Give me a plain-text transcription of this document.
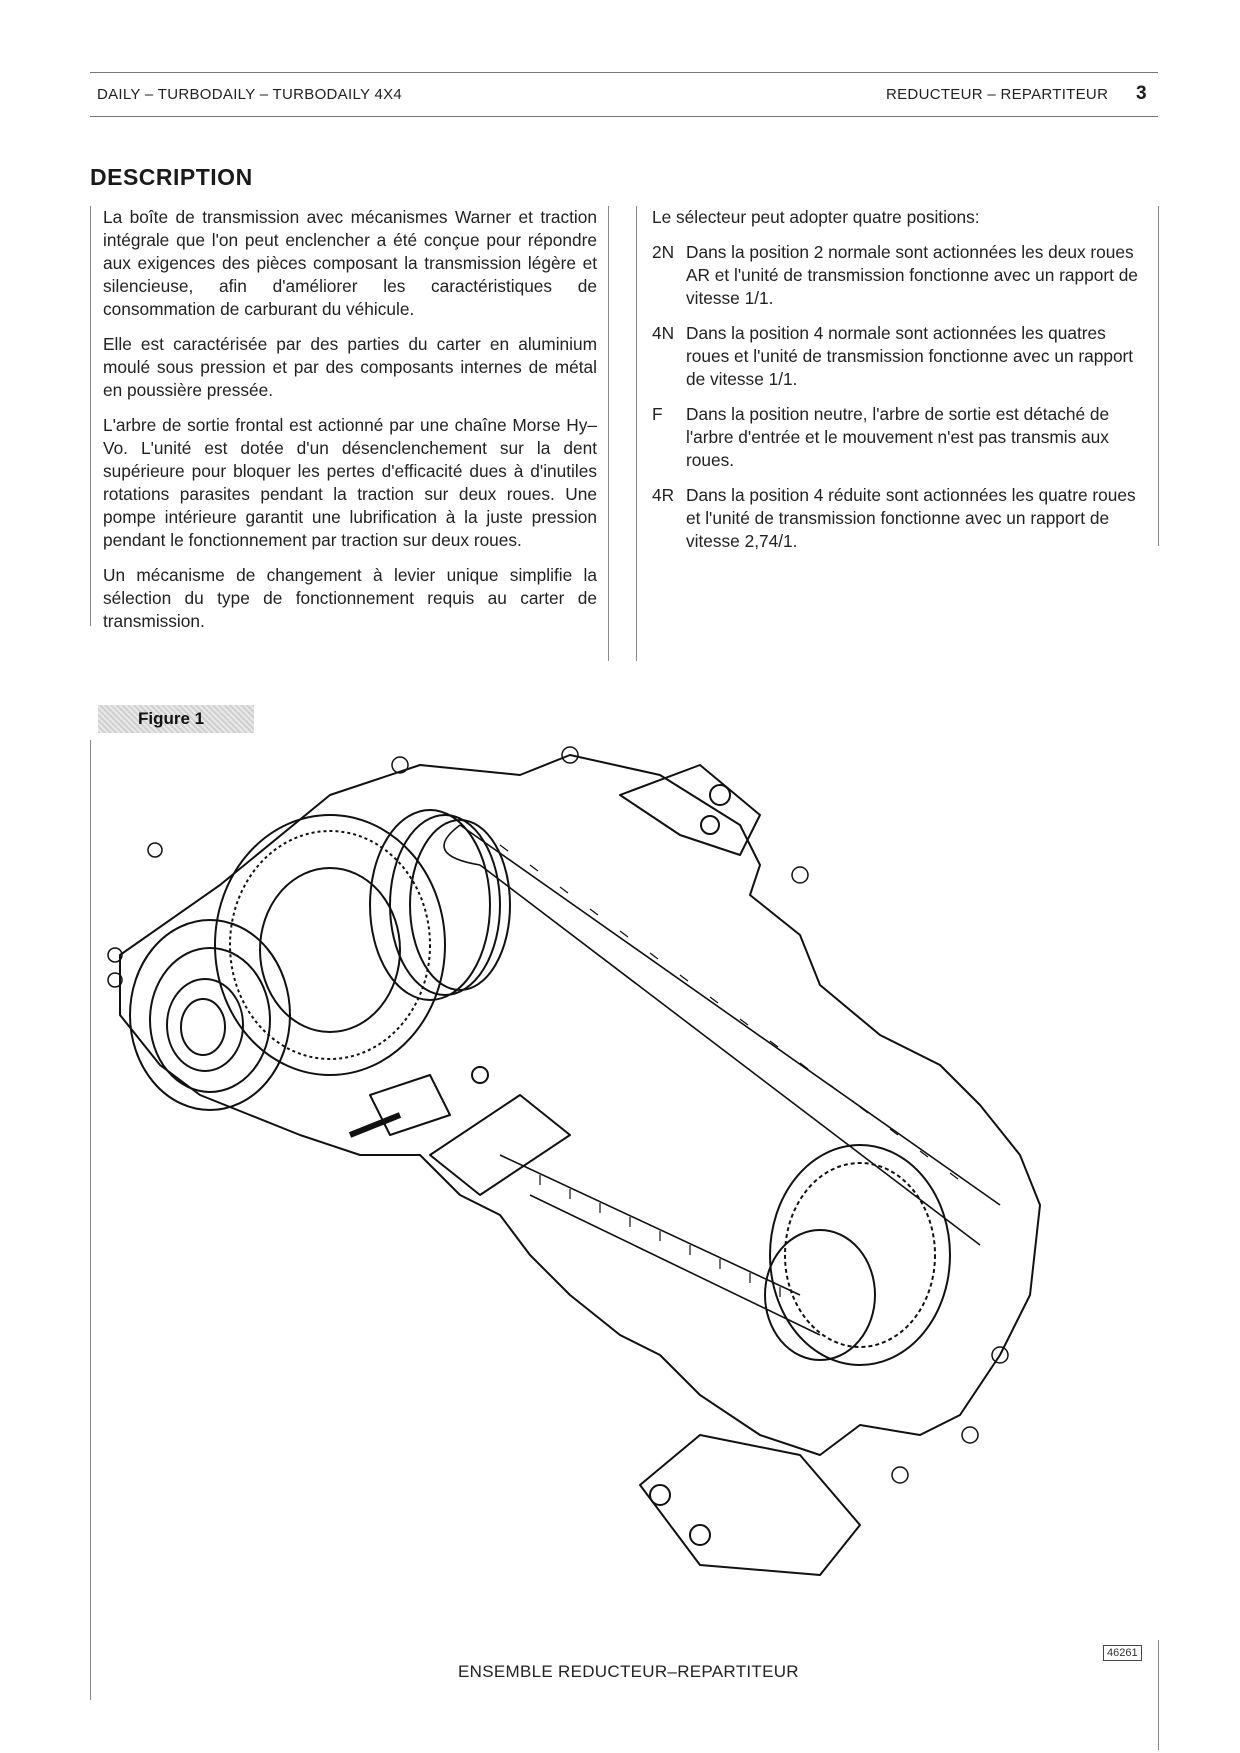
DAILY – TURBODAILY – TURBODAILY 4X4	REDUCTEUR – REPARTITEUR 3
DESCRIPTION

La boîte de transmission avec mécanismes Warner et traction intégrale que l'on peut enclencher a été conçue pour répondre aux exigences des pièces composant la transmission légère et silencieuse, afin d'améliorer les caractéristiques de consommation de carburant du véhicule.

Elle est caractérisée par des parties du carter en aluminium moulé sous pression et par des composants internes de métal en poussière pressée.

L'arbre de sortie frontal est actionné par une chaîne Morse Hy–Vo. L'unité est dotée d'un désenclenchement sur la dent supérieure pour bloquer les pertes d'efficacité dues à d'inutiles rotations parasites pendant la traction sur deux roues. Une pompe intérieure garantit une lubrification à la juste pression pendant le fonctionnement par traction sur deux roues.

Un mécanisme de changement à levier unique simplifie la sélection du type de fonctionnement requis au carter de transmission.

Le sélecteur peut adopter quatre positions:

2N Dans la position 2 normale sont actionnées les deux roues AR et l'unité de transmission fonctionne avec un rapport de vitesse 1/1.
4N Dans la position 4 normale sont actionnées les quatres roues et l'unité de transmission fonctionne avec un rapport de vitesse 1/1.
F	Dans la position neutre, l'arbre de sortie est détaché de l'arbre d'entrée et le mouvement n'est pas transmis aux roues.
4R Dans la position 4 réduite sont actionnées les quatre roues et l'unité de transmission fonctionne avec un rapport de vitesse 2,74/1.
Figure 1
46261
ENSEMBLE REDUCTEUR–REPARTITEUR
